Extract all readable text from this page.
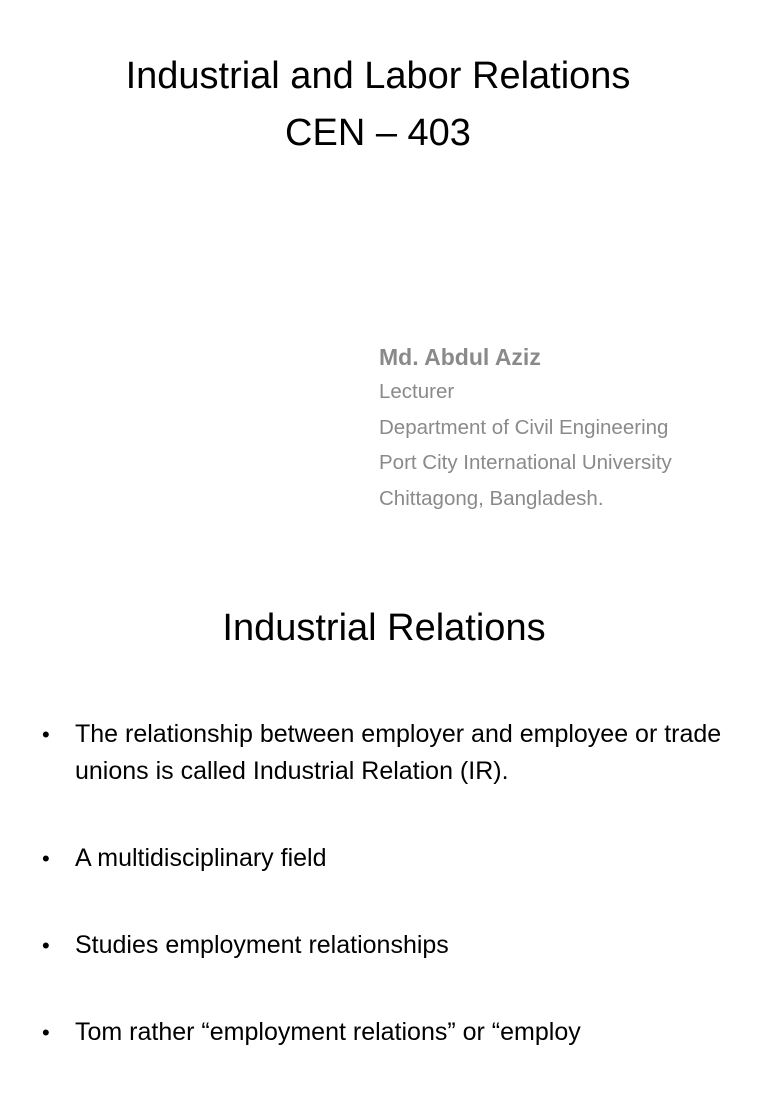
Industrial and Labor Relations
CEN – 403
Md. Abdul Aziz
Lecturer
Department of Civil Engineering
Port City International University
Chittagong, Bangladesh.
Industrial Relations
• The relationship between employer and employee or trade unions is called Industrial Relation (IR).
• A multidisciplinary field
• Studies employment relationships
• Tom rather “employment relations” or “employ
